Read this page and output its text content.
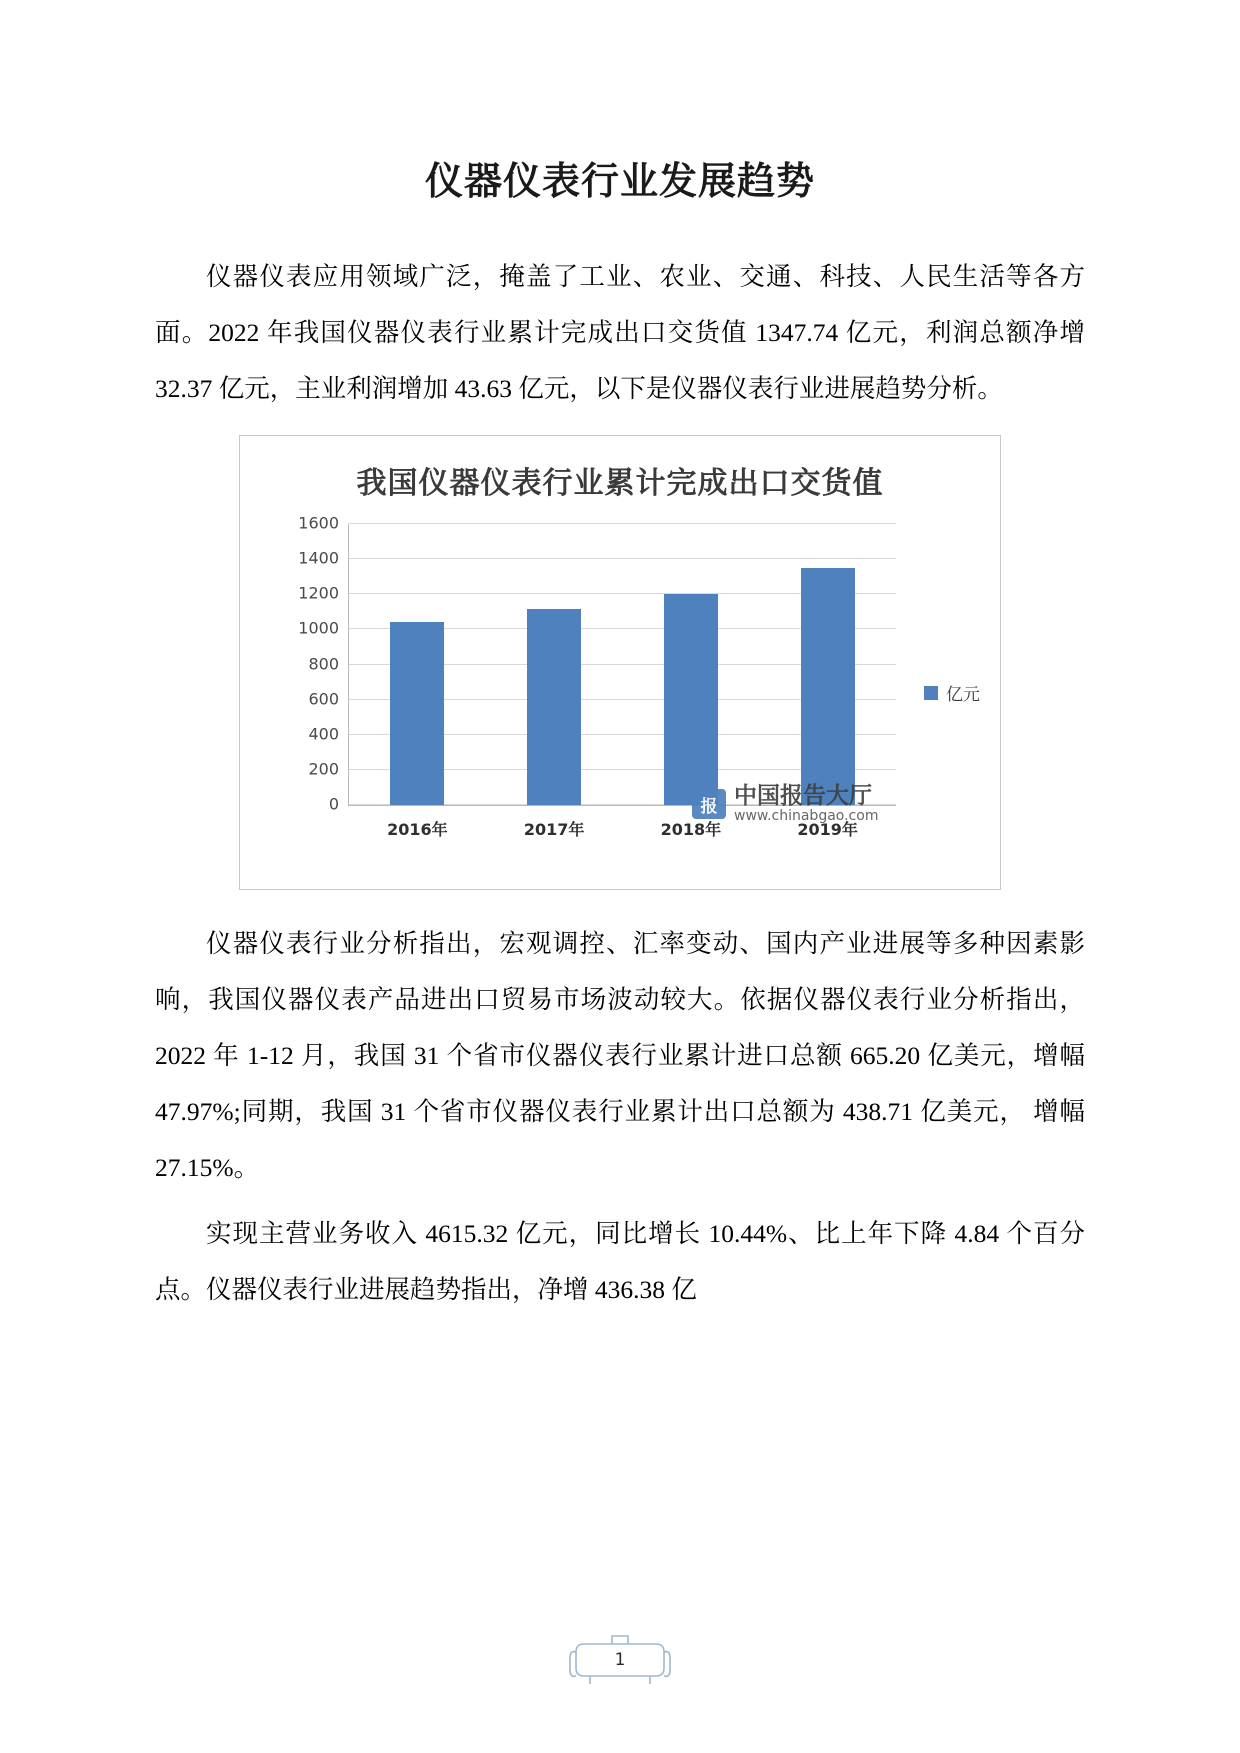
仪器仪表行业发展趋势

仪器仪表应用领域广泛，掩盖了工业、农业、交通、科技、人民生活等各方面。2022 年我国仪器仪表行业累计完成出口交货值 1347.74 亿元，利润总额净增 32.37 亿元，主业利润增加 43.63 亿元，以下是仪器仪表行业进展趋势分析。

我国仪器仪表行业累计完成出口交货值
0
200
400
600
800
1000
1200
1400
1600
2016年	2017年	2018年	2019年
亿元
报 中国报告大厅
www.chinabgao.com

仪器仪表行业分析指出，宏观调控、汇率变动、国内产业进展等多种因素影响，我国仪器仪表产品进出口贸易市场波动较大。依据仪器仪表行业分析指出，2022 年 1-12 月，我国 31 个省市仪器仪表行业累计进口总额 665.20 亿美元，增幅 47.97%;同期，我国 31 个省市仪器仪表行业累计出口总额为 438.71 亿美元， 增幅 27.15%。

实现主营业务收入 4615.32 亿元，同比增长 10.44%、比上年下降 4.84 个百分点。仪器仪表行业进展趋势指出，净增 436.38 亿

1
